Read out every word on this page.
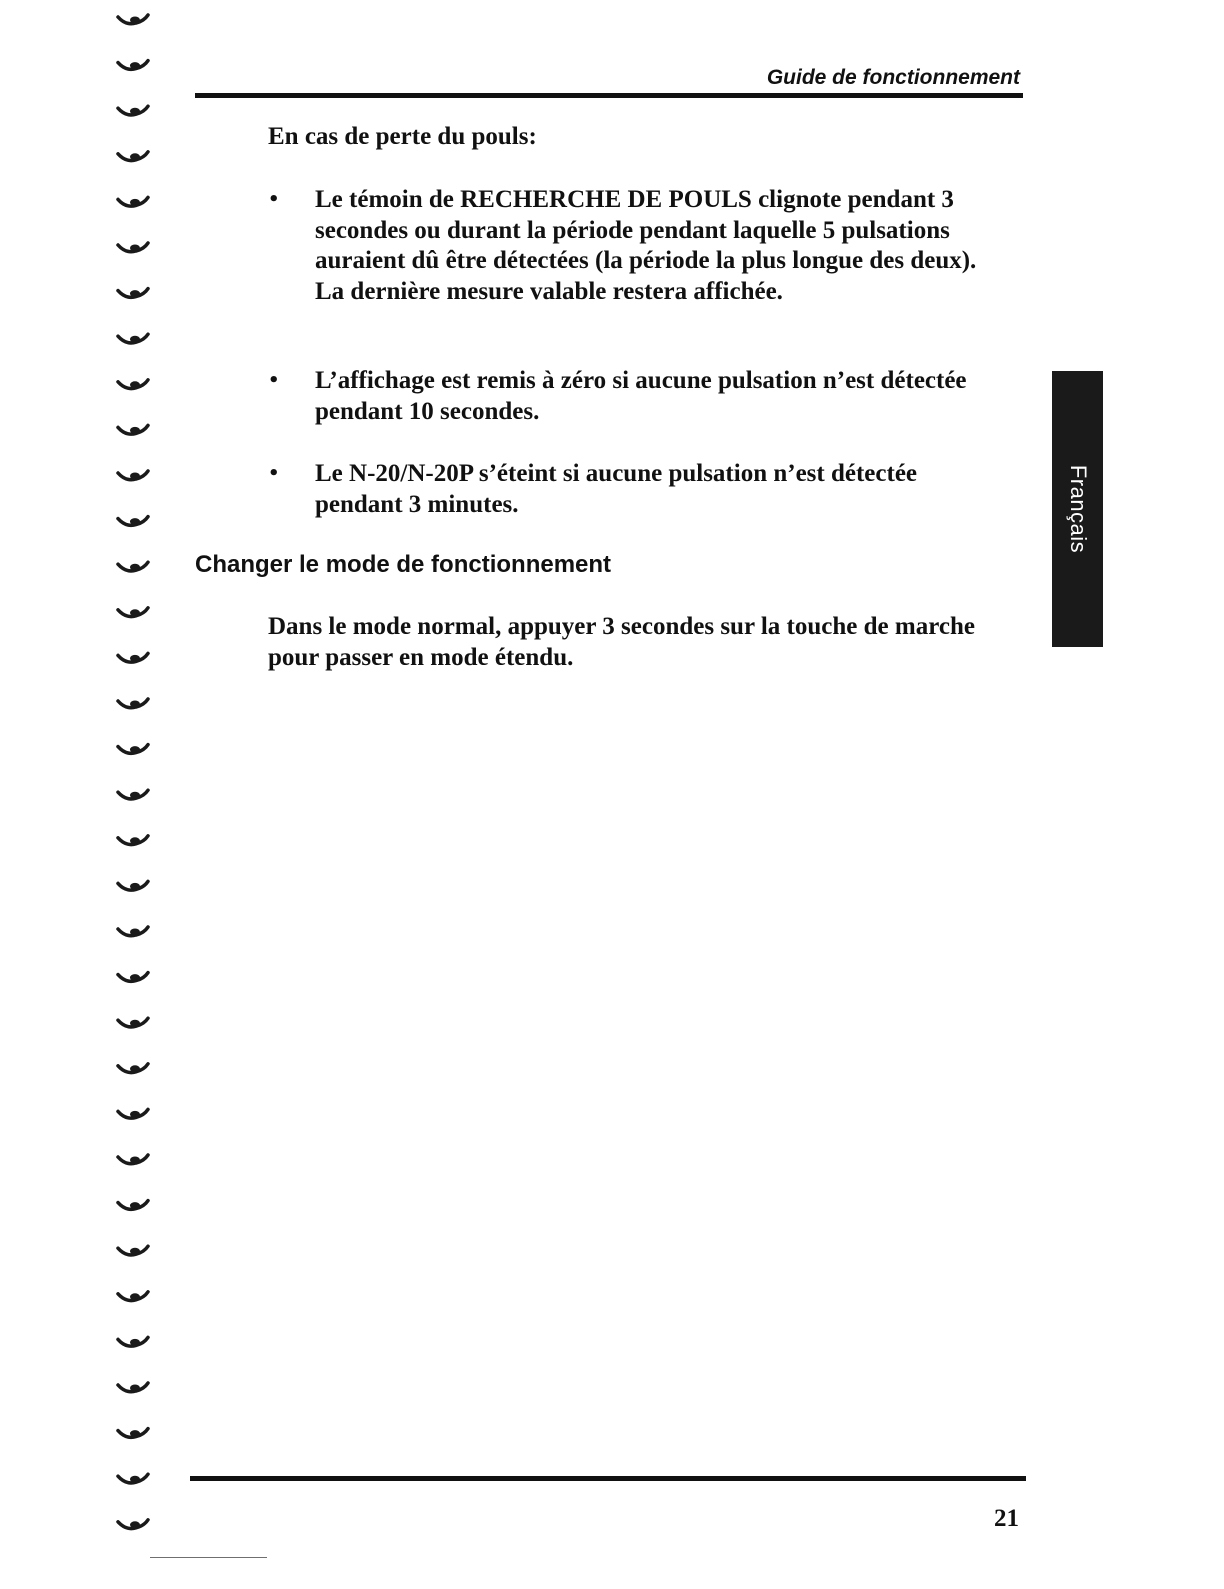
Guide de fonctionnement

En cas de perte du pouls:

•	Le témoin de RECHERCHE DE POULS clignote pendant 3 secondes ou durant la période pendant laquelle 5 pulsations auraient dû être détectées (la période la plus longue des deux). La dernière mesure valable restera affichée.
•	L’affichage est remis à zéro si aucune pulsation n’est détectée pendant 10 secondes.
•	Le N-20/N-20P s’éteint si aucune pulsation n’est détectée pendant 3 minutes.
Changer le mode de fonctionnement

Dans le mode normal, appuyer 3 secondes sur la touche de marche pour passer en mode étendu.

Français
21
